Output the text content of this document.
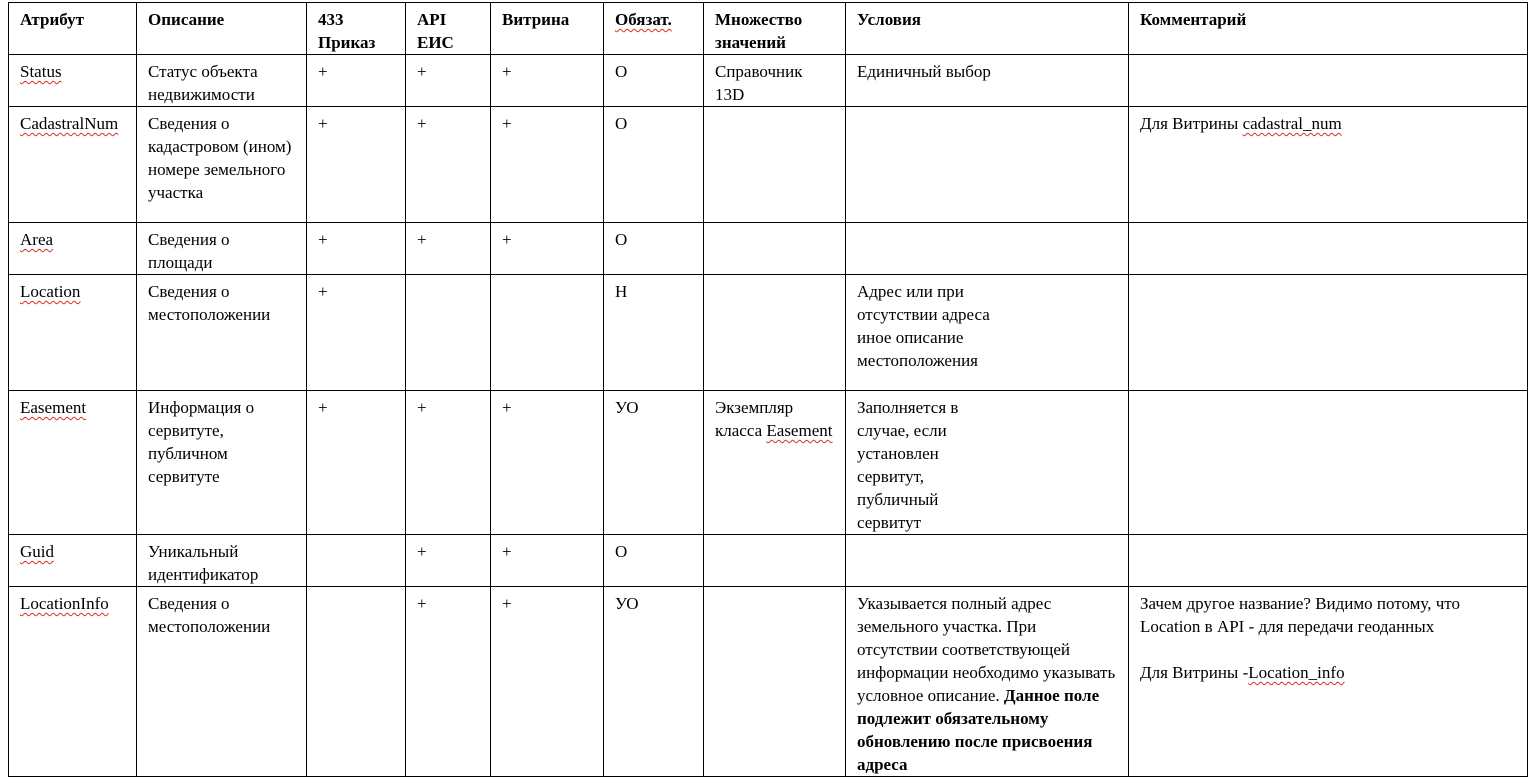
Атрибут	Описание	433 Приказ	API ЕИС	Витрина	Обязат.	Множество значений	Условия	Комментарий
Status	Статус объекта недвижимости	+	+	+	О	Справочник 13D	Единичный выбор	
CadastralNum	Сведения о кадастровом (ином) номере земельного участка	+	+	+	О			Для Витрины cadastral_num
Area	Сведения о площади	+	+	+	О			
Location	Сведения о местоположении	+			Н		Адрес или при отсутствии адреса иное описание местоположения	

Easement	Информация о сервитуте, публичном сервитуте	+	+	+	УО	Экземпляр класса Easement	Заполняется в случае, если установлен сервитут, публичный сервитут	

Guid	Уникальный идентификатор		+	+	О			
LocationInfo	Сведения о местоположении		+	+	УО		Указывается полный адрес земельного участка. При отсутствии соответствующей информации необходимо указывать условное описание. Данное поле подлежит обязательному обновлению после присвоения адреса	Зачем другое название? Видимо потому, что Location в API - для передачи геоданных
Для Витрины -Location_info
